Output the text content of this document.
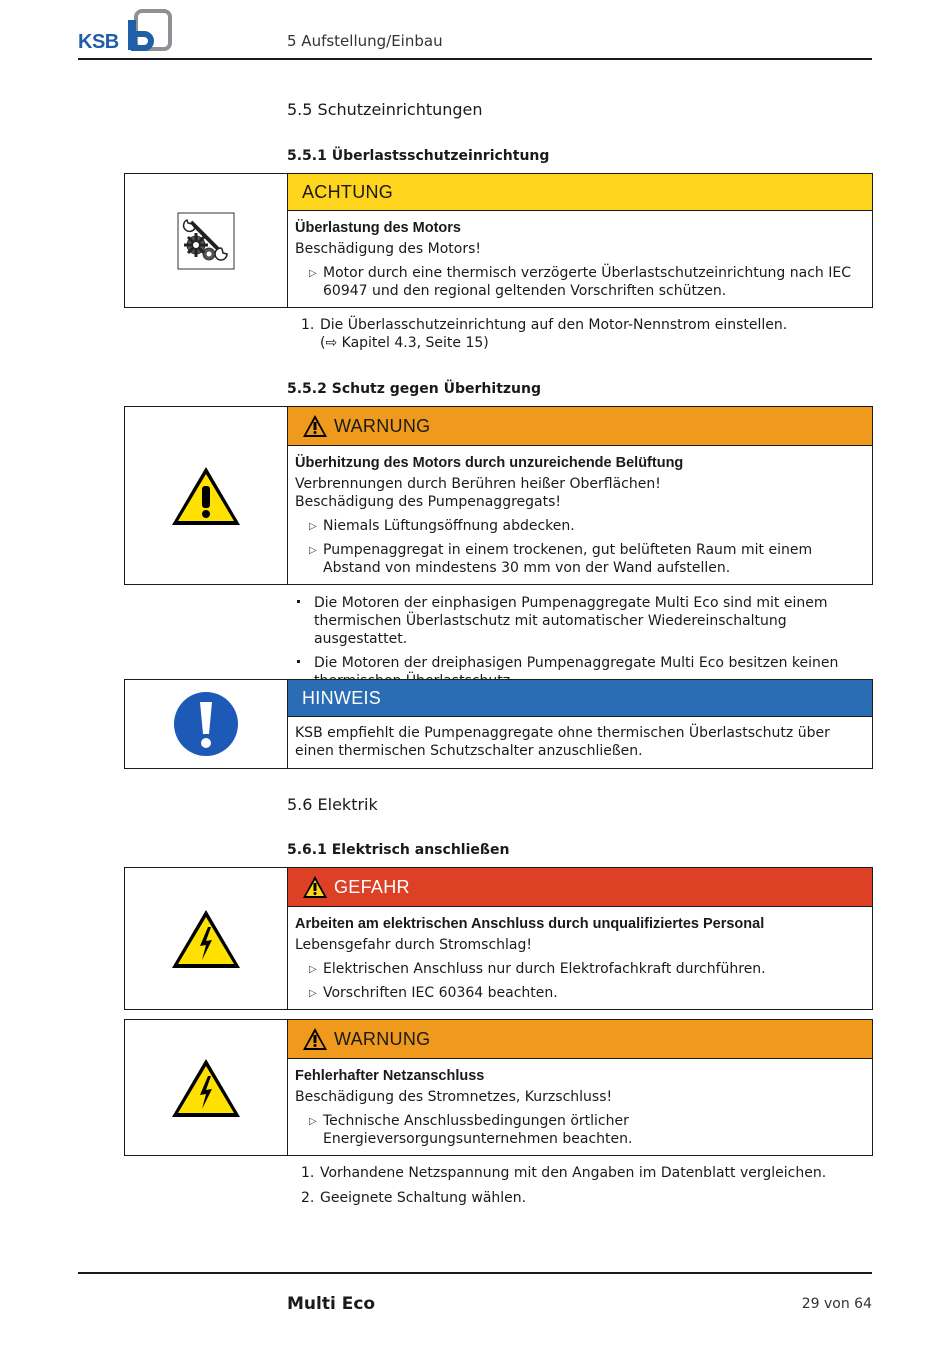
KSB	5 Aufstellung/Einbau
5.5 Schutzeinrichtungen
5.5.1 Überlastsschutzeinrichtung
ACHTUNG
Überlastung des Motors
Beschädigung des Motors!
▷ Motor durch eine thermisch verzögerte Überlastschutzeinrichtung nach IEC 60947 und den regional geltenden Vorschriften schützen.
1. Die Überlasschutzeinrichtung auf den Motor-Nennstrom einstellen.
(⇨ Kapitel 4.3, Seite 15)
5.5.2 Schutz gegen Überhitzung
WARNUNG
Überhitzung des Motors durch unzureichende Belüftung
Verbrennungen durch Berühren heißer Oberflächen!
Beschädigung des Pumpenaggregats!
▷ Niemals Lüftungsöffnung abdecken.
▷ Pumpenaggregat in einem trockenen, gut belüfteten Raum mit einem Abstand von mindestens 30 mm von der Wand aufstellen.
Die Motoren der einphasigen Pumpenaggregate Multi Eco sind mit einem thermischen Überlastschutz mit automatischer Wiedereinschaltung ausgestattet.
Die Motoren der dreiphasigen Pumpenaggregate Multi Eco besitzen keinen
HINWEIS
KSB empfiehlt die Pumpenaggregate ohne thermischen Überlastschutz über einen thermischen Schutzschalter anzuschließen.
5.6 Elektrik
5.6.1 Elektrisch anschließen
GEFAHR
Arbeiten am elektrischen Anschluss durch unqualifiziertes Personal
Lebensgefahr durch Stromschlag!
▷ Elektrischen Anschluss nur durch Elektrofachkraft durchführen.
▷ Vorschriften IEC 60364 beachten.
WARNUNG
Fehlerhafter Netzanschluss
Beschädigung des Stromnetzes, Kurzschluss!
▷ Technische Anschlussbedingungen örtlicher Energieversorgungsunternehmen beachten.
1. Vorhandene Netzspannung mit den Angaben im Datenblatt vergleichen.
2. Geeignete Schaltung wählen.
Multi Eco	29 von 64
